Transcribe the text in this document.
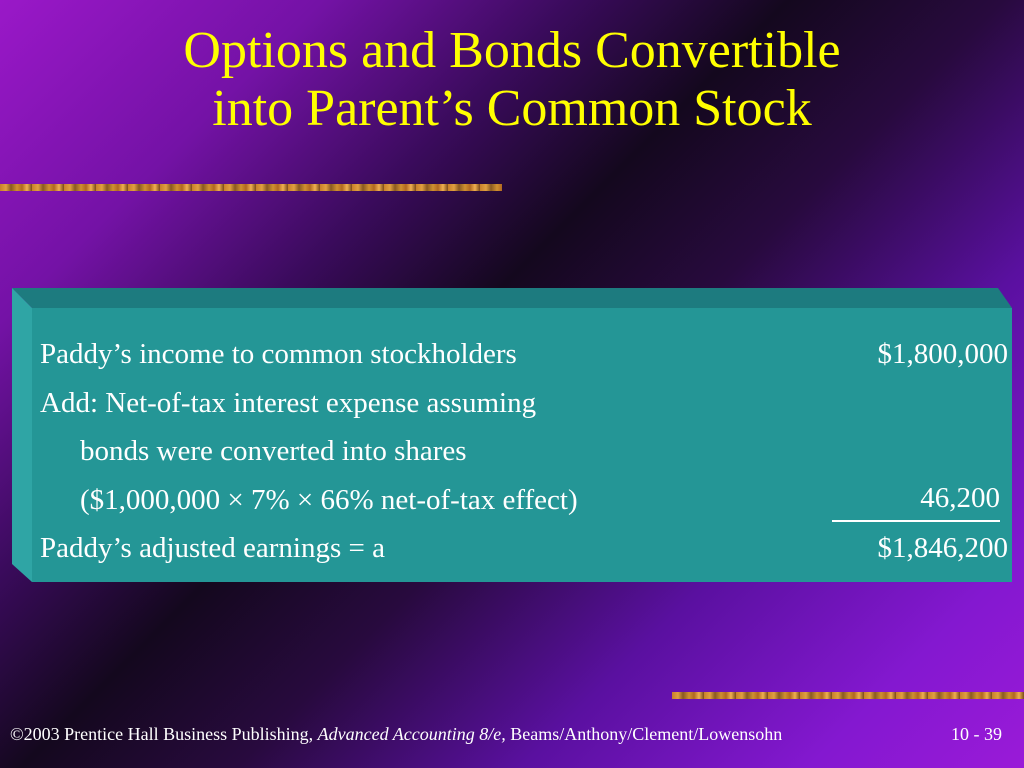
Options and Bonds Convertible
into Parent’s Common Stock
Paddy’s income to common stockholders	$1,800,000
Add: Net-of-tax interest expense assuming
bonds were converted into shares
($1,000,000 × 7% × 66% net-of-tax effect)	46,200
Paddy’s adjusted earnings = a	$1,846,200
©2003 Prentice Hall Business Publishing, Advanced Accounting 8/e, Beams/Anthony/Clement/Lowensohn	10 - 39
